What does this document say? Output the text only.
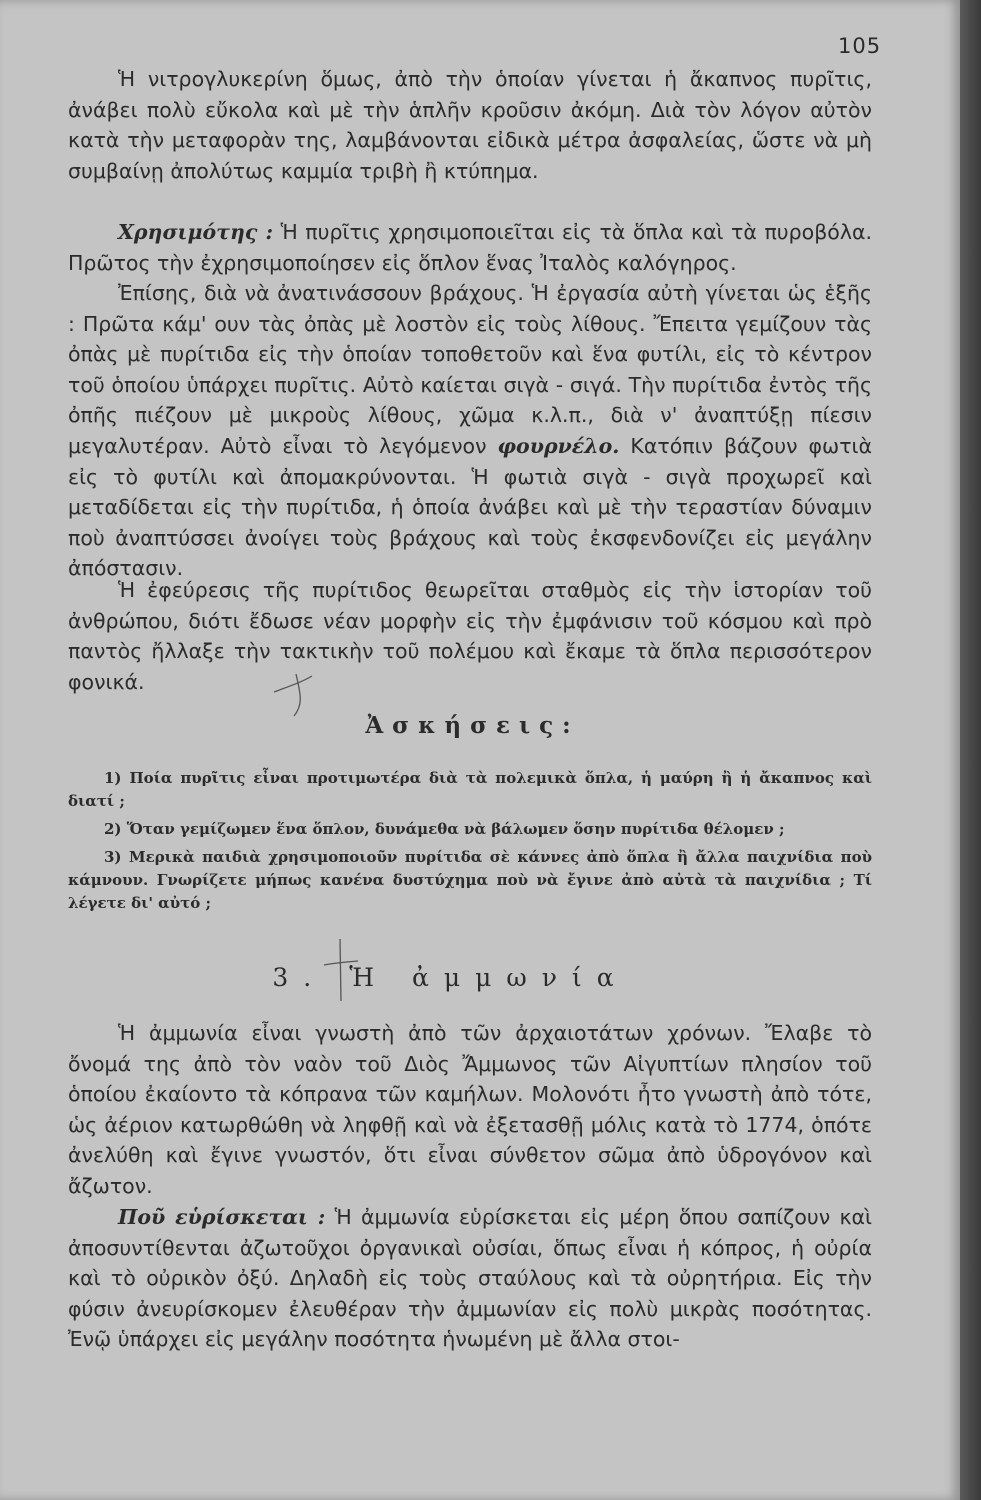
105

Ἡ νιτρογλυκερίνη ὅμως, ἀπὸ τὴν ὁποίαν γίνεται ἡ ἄκαπνος πυρῖτις, ἀνάβει πολὺ εὔκολα καὶ μὲ τὴν ἁπλῆν κροῦσιν ἀκόμη. Διὰ τὸν λόγον αὐτὸν κατὰ τὴν μεταφορὰν της, λαμβάνονται εἰδικὰ μέτρα ἀσφαλείας, ὥστε νὰ μὴ συμβαίνῃ ἀπολύτως καμμία τριβὴ ἢ κτύπημα.

Χρησιμότης : Ἡ πυρῖτις χρησιμοποιεῖται εἰς τὰ ὅπλα καὶ τὰ πυροβόλα. Πρῶτος τὴν ἐχρησιμοποίησεν εἰς ὅπλον ἕνας Ἰταλὸς καλόγηρος.

Ἐπίσης, διὰ νὰ ἀνατινάσσουν βράχους. Ἡ ἐργασία αὐτὴ γίνεται ὡς ἑξῆς : Πρῶτα κάμ' ουν τὰς ὀπὰς μὲ λοστὸν εἰς τοὺς λίθους. Ἔπειτα γεμίζουν τὰς ὀπὰς μὲ πυρίτιδα εἰς τὴν ὁποίαν τοποθετοῦν καὶ ἕνα φυτίλι, εἰς τὸ κέντρον τοῦ ὁποίου ὑπάρχει πυρῖτις. Αὐτὸ καίεται σιγὰ - σιγά. Τὴν πυρίτιδα ἐντὸς τῆς ὀπῆς πιέζουν μὲ μικροὺς λίθους, χῶμα κ.λ.π., διὰ ν' ἀναπτύξῃ πίεσιν μεγαλυτέραν. Αὐτὸ εἶναι τὸ λεγόμενον φουρνέλο. Κατόπιν βάζουν φωτιὰ εἰς τὸ φυτίλι καὶ ἀπομακρύνονται. Ἡ φωτιὰ σιγὰ - σιγὰ προχωρεῖ καὶ μεταδίδεται εἰς τὴν πυρίτιδα, ἡ ὁποία ἀνάβει καὶ μὲ τὴν τεραστίαν δύναμιν ποὺ ἀναπτύσσει ἀνοίγει τοὺς βράχους καὶ τοὺς ἐκσφενδονίζει εἰς μεγάλην ἀπόστασιν.

Ἡ ἐφεύρεσις τῆς πυρίτιδος θεωρεῖται σταθμὸς εἰς τὴν ἱστορίαν τοῦ ἀνθρώπου, διότι ἔδωσε νέαν μορφὴν εἰς τὴν ἐμφάνισιν τοῦ κόσμου καὶ πρὸ παντὸς ἤλλαξε τὴν τακτικὴν τοῦ πολέμου καὶ ἔκαμε τὰ ὅπλα περισσότερον φονικά.

Ἀσκήσεις:

1) Ποία πυρῖτις εἶναι προτιμωτέρα διὰ τὰ πολεμικὰ ὅπλα, ἡ μαύρη ἢ ἡ ἄκαπνος καὶ διατί ;

2) Ὅταν γεμίζωμεν ἕνα ὅπλον, δυνάμεθα νὰ βάλωμεν ὅσην πυρίτιδα θέλομεν ;

3) Μερικὰ παιδιὰ χρησιμοποιοῦν πυρίτιδα σὲ κάννες ἀπὸ ὅπλα ἢ ἄλλα παιχνίδια ποὺ κάμνουν. Γνωρίζετε μήπως κανένα δυστύχημα ποὺ νὰ ἔγινε ἀπὸ αὐτὰ τὰ παιχνίδια ; Τί λέγετε δι' αὐτό ;

3. Ἡ ἀμμωνία

Ἡ ἀμμωνία εἶναι γνωστὴ ἀπὸ τῶν ἀρχαιοτάτων χρόνων. Ἔλαβε τὸ ὄνομά της ἀπὸ τὸν ναὸν τοῦ Διὸς Ἄμμωνος τῶν Αἰγυπτίων πλησίον τοῦ ὁποίου ἐκαίοντο τὰ κόπρανα τῶν καμήλων. Μολονότι ἦτο γνωστὴ ἀπὸ τότε, ὡς ἀέριον κατωρθώθη νὰ ληφθῇ καὶ νὰ ἐξετασθῇ μόλις κατὰ τὸ 1774, ὁπότε ἀνελύθη καὶ ἔγινε γνωστόν, ὅτι εἶναι σύνθετον σῶμα ἀπὸ ὑδρογόνον καὶ ἄζωτον.

Ποῦ εὑρίσκεται : Ἡ ἀμμωνία εὑρίσκεται εἰς μέρη ὅπου σαπίζουν καὶ ἀποσυντίθενται ἀζωτοῦχοι ὀργανικαὶ οὐσίαι, ὅπως εἶναι ἡ κόπρος, ἡ οὐρία καὶ τὸ οὐρικὸν ὀξύ. Δηλαδὴ εἰς τοὺς σταύλους καὶ τὰ οὐρητήρια. Εἰς τὴν φύσιν ἀνευρίσκομεν ἐλευθέραν τὴν ἀμμωνίαν εἰς πολὺ μικρὰς ποσότητας. Ἐνῷ ὑπάρχει εἰς μεγάλην ποσότητα ἡνωμένη μὲ ἄλλα στοι-
